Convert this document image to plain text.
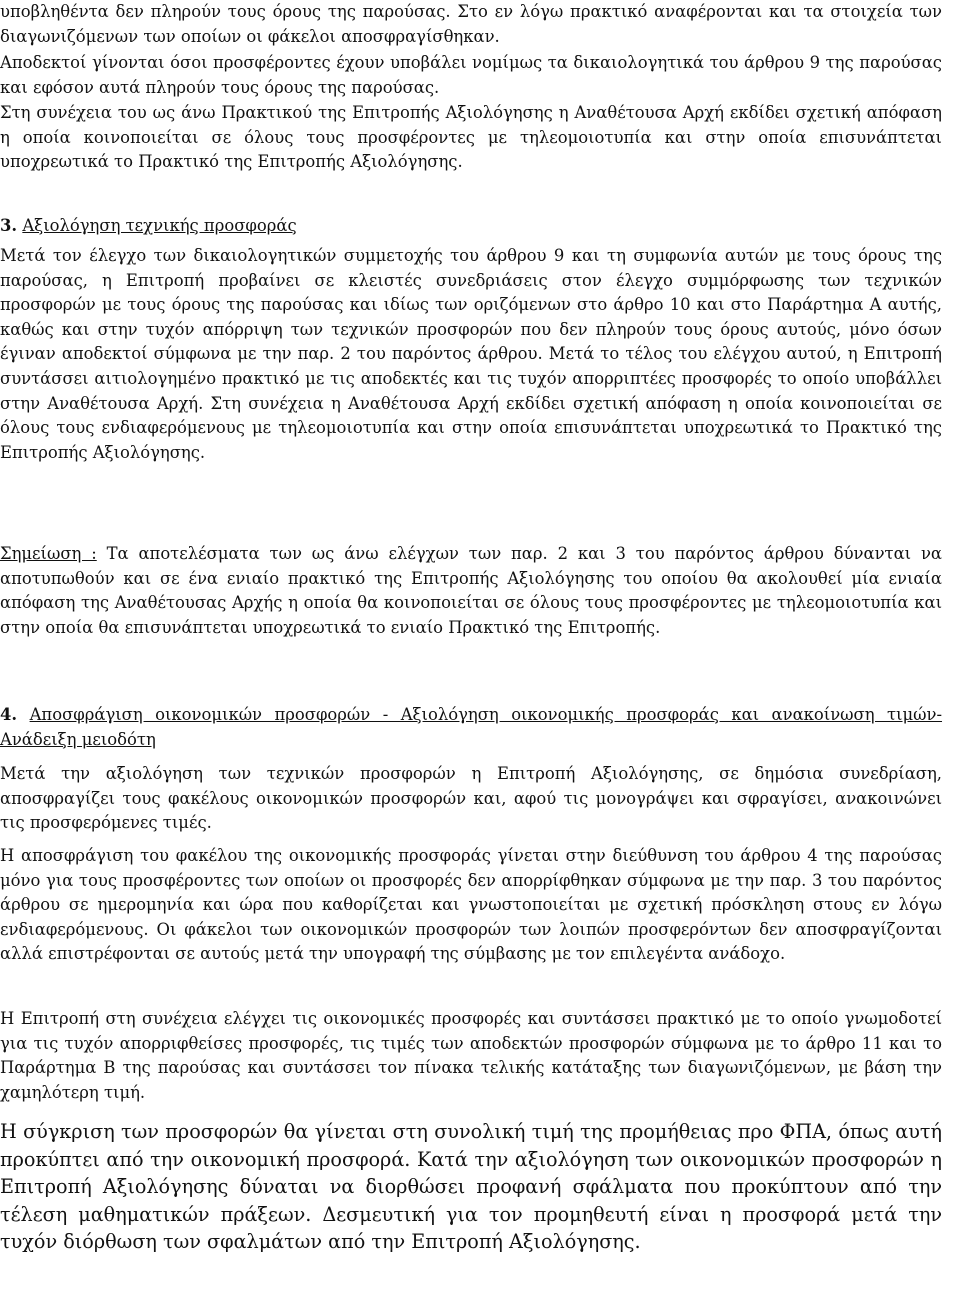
υποβληθέντα δεν πληρούν τους όρους της παρούσας. Στο εν λόγω πρακτικό αναφέρονται και τα στοιχεία των διαγωνιζόμενων των οποίων οι φάκελοι αποσφραγίσθηκαν.

Αποδεκτοί γίνονται όσοι προσφέροντες έχουν υποβάλει νομίμως τα δικαιολογητικά του άρθρου 9 της παρούσας και εφόσον αυτά πληρούν τους όρους της παρούσας.

Στη συνέχεια του ως άνω Πρακτικού της Επιτροπής Αξιολόγησης η Αναθέτουσα Αρχή εκδίδει σχετική απόφαση η οποία κοινοποιείται σε όλους τους προσφέροντες με τηλεομοιοτυπία και στην οποία επισυνάπτεται υποχρεωτικά το Πρακτικό της Επιτροπής Αξιολόγησης.

3. Αξιολόγηση τεχνικής προσφοράς

Μετά τον έλεγχο των δικαιολογητικών συμμετοχής του άρθρου 9 και τη συμφωνία αυτών με τους όρους της παρούσας, η Επιτροπή προβαίνει σε κλειστές συνεδριάσεις στον έλεγχο συμμόρφωσης των τεχνικών προσφορών με τους όρους της παρούσας και ιδίως των οριζόμενων στο άρθρο 10 και στο Παράρτημα Α αυτής, καθώς και στην τυχόν απόρριψη των τεχνικών προσφορών που δεν πληρούν τους όρους αυτούς, μόνο όσων έγιναν αποδεκτοί σύμφωνα με την παρ. 2 του παρόντος άρθρου. Μετά το τέλος του ελέγχου αυτού, η Επιτροπή συντάσσει αιτιολογημένο πρακτικό με τις αποδεκτές και τις τυχόν απορριπτέες προσφορές το οποίο υποβάλλει στην Αναθέτουσα Αρχή. Στη συνέχεια η Αναθέτουσα Αρχή εκδίδει σχετική απόφαση η οποία κοινοποιείται σε όλους τους ενδιαφερόμενους με τηλεομοιοτυπία και στην οποία επισυνάπτεται υποχρεωτικά το Πρακτικό της Επιτροπής Αξιολόγησης.

Σημείωση : Τα αποτελέσματα των ως άνω ελέγχων των παρ. 2 και 3 του παρόντος άρθρου δύνανται να αποτυπωθούν και σε ένα ενιαίο πρακτικό της Επιτροπής Αξιολόγησης του οποίου θα ακολουθεί μία ενιαία απόφαση της Αναθέτουσας Αρχής η οποία θα κοινοποιείται σε όλους τους προσφέροντες με τηλεομοιοτυπία και στην οποία θα επισυνάπτεται υποχρεωτικά το ενιαίο Πρακτικό της Επιτροπής.

4. Αποσφράγιση οικονομικών προσφορών - Αξιολόγηση οικονομικής προσφοράς και ανακοίνωση τιμών- Ανάδειξη μειοδότη

Μετά την αξιολόγηση των τεχνικών προσφορών η Επιτροπή Αξιολόγησης, σε δημόσια συνεδρίαση, αποσφραγίζει τους φακέλους οικονομικών προσφορών και, αφού τις μονογράψει και σφραγίσει, ανακοινώνει τις προσφερόμενες τιμές.

Η αποσφράγιση του φακέλου της οικονομικής προσφοράς γίνεται στην διεύθυνση του άρθρου 4 της παρούσας μόνο για τους προσφέροντες των οποίων οι προσφορές δεν απορρίφθηκαν σύμφωνα με την παρ. 3 του παρόντος άρθρου σε ημερομηνία και ώρα που καθορίζεται και γνωστοποιείται με σχετική πρόσκληση στους εν λόγω ενδιαφερόμενους. Οι φάκελοι των οικονομικών προσφορών των λοιπών προσφερόντων δεν αποσφραγίζονται αλλά επιστρέφονται σε αυτούς μετά την υπογραφή της σύμβασης με τον επιλεγέντα ανάδοχο.

Η Επιτροπή στη συνέχεια ελέγχει τις οικονομικές προσφορές και συντάσσει πρακτικό με το οποίο γνωμοδοτεί για τις τυχόν απορριφθείσες προσφορές, τις τιμές των αποδεκτών προσφορών σύμφωνα με το άρθρο 11 και το Παράρτημα Β της παρούσας και συντάσσει τον πίνακα τελικής κατάταξης των διαγωνιζόμενων, με βάση την χαμηλότερη τιμή.

Η σύγκριση των προσφορών θα γίνεται στη συνολική τιμή της προμήθειας προ ΦΠΑ, όπως αυτή προκύπτει από την οικονομική προσφορά. Κατά την αξιολόγηση των οικονομικών προσφορών η Επιτροπή Αξιολόγησης δύναται να διορθώσει προφανή σφάλματα που προκύπτουν από την τέλεση μαθηματικών πράξεων. Δεσμευτική για τον προμηθευτή είναι η προσφορά μετά την τυχόν διόρθωση των σφαλμάτων από την Επιτροπή Αξιολόγησης.
